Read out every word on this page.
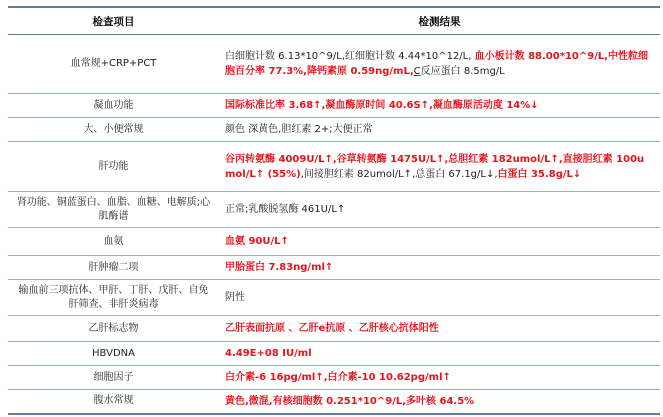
检查项目	检测结果
血常规+CRP+PCT	白细胞计数 6.13*10^9/L,红细胞计数 4.44*10^12/L, 血小板计数 88.00*10^9/L,中性粒细胞百分率 77.3%,降钙素原 0.59ng/mL,C反应蛋白 8.5mg/L
凝血功能	国际标准比率 3.68↑,凝血酶原时间 40.6S↑,凝血酶原活动度 14%↓
大、小便常规	颜色 深黄色,胆红素 2+;大便正常
肝功能	谷丙转氨酶 4009U/L↑,谷草转氨酶 1475U/L↑,总胆红素 182umol/L↑,直接胆红素 100umol/L↑ (55%),间接胆红素 82umol/L↑,总蛋白 67.1g/L↓,白蛋白 35.8g/L↓
肾功能、铜蓝蛋白、血脂、血糖、电解质;心肌酶谱	正常;乳酸脱氢酶 461U/L↑
血氨	血氨 90U/L↑
肝肿瘤二项	甲胎蛋白 7.83ng/ml↑
输血前三项抗体、甲肝、丁肝、戊肝、自免肝筛查、非肝炎病毒	阴性
乙肝标志物	乙肝表面抗原 、乙肝e抗原 、乙肝核心抗体阳性
HBVDNA	4.49E+08 IU/ml
细胞因子	白介素-6 16pg/ml↑,白介素-10 10.62pg/ml↑
腹水常规	黄色,微混,有核细胞数 0.251*10^9/L,多叶核 64.5%
